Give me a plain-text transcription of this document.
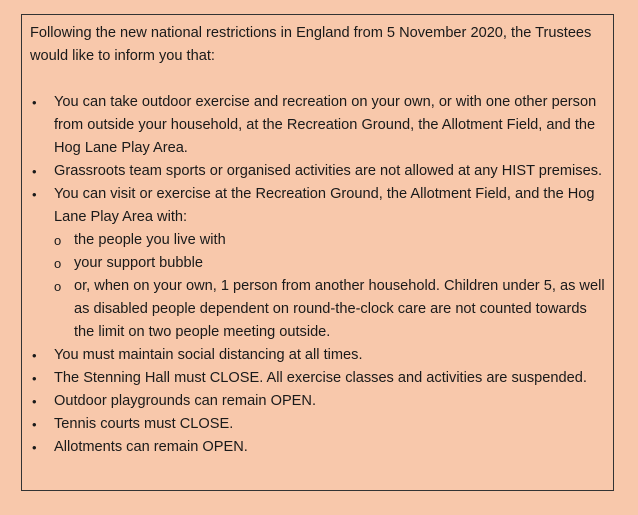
Following the new national restrictions in England from 5 November 2020, the Trustees would like to inform you that:

• You can take outdoor exercise and recreation on your own, or with one other person from outside your household, at the Recreation Ground, the Allotment Field, and the Hog Lane Play Area.
• Grassroots team sports or organised activities are not allowed at any HIST premises.
• You can visit or exercise at the Recreation Ground, the Allotment Field, and the Hog Lane Play Area with:
o the people you live with
o your support bubble
o or, when on your own, 1 person from another household. Children under 5, as well as disabled people dependent on round-the-clock care are not counted towards the limit on two people meeting outside.
• You must maintain social distancing at all times.
• The Stenning Hall must CLOSE. All exercise classes and activities are suspended.
• Outdoor playgrounds can remain OPEN.
• Tennis courts must CLOSE.
• Allotments can remain OPEN.
